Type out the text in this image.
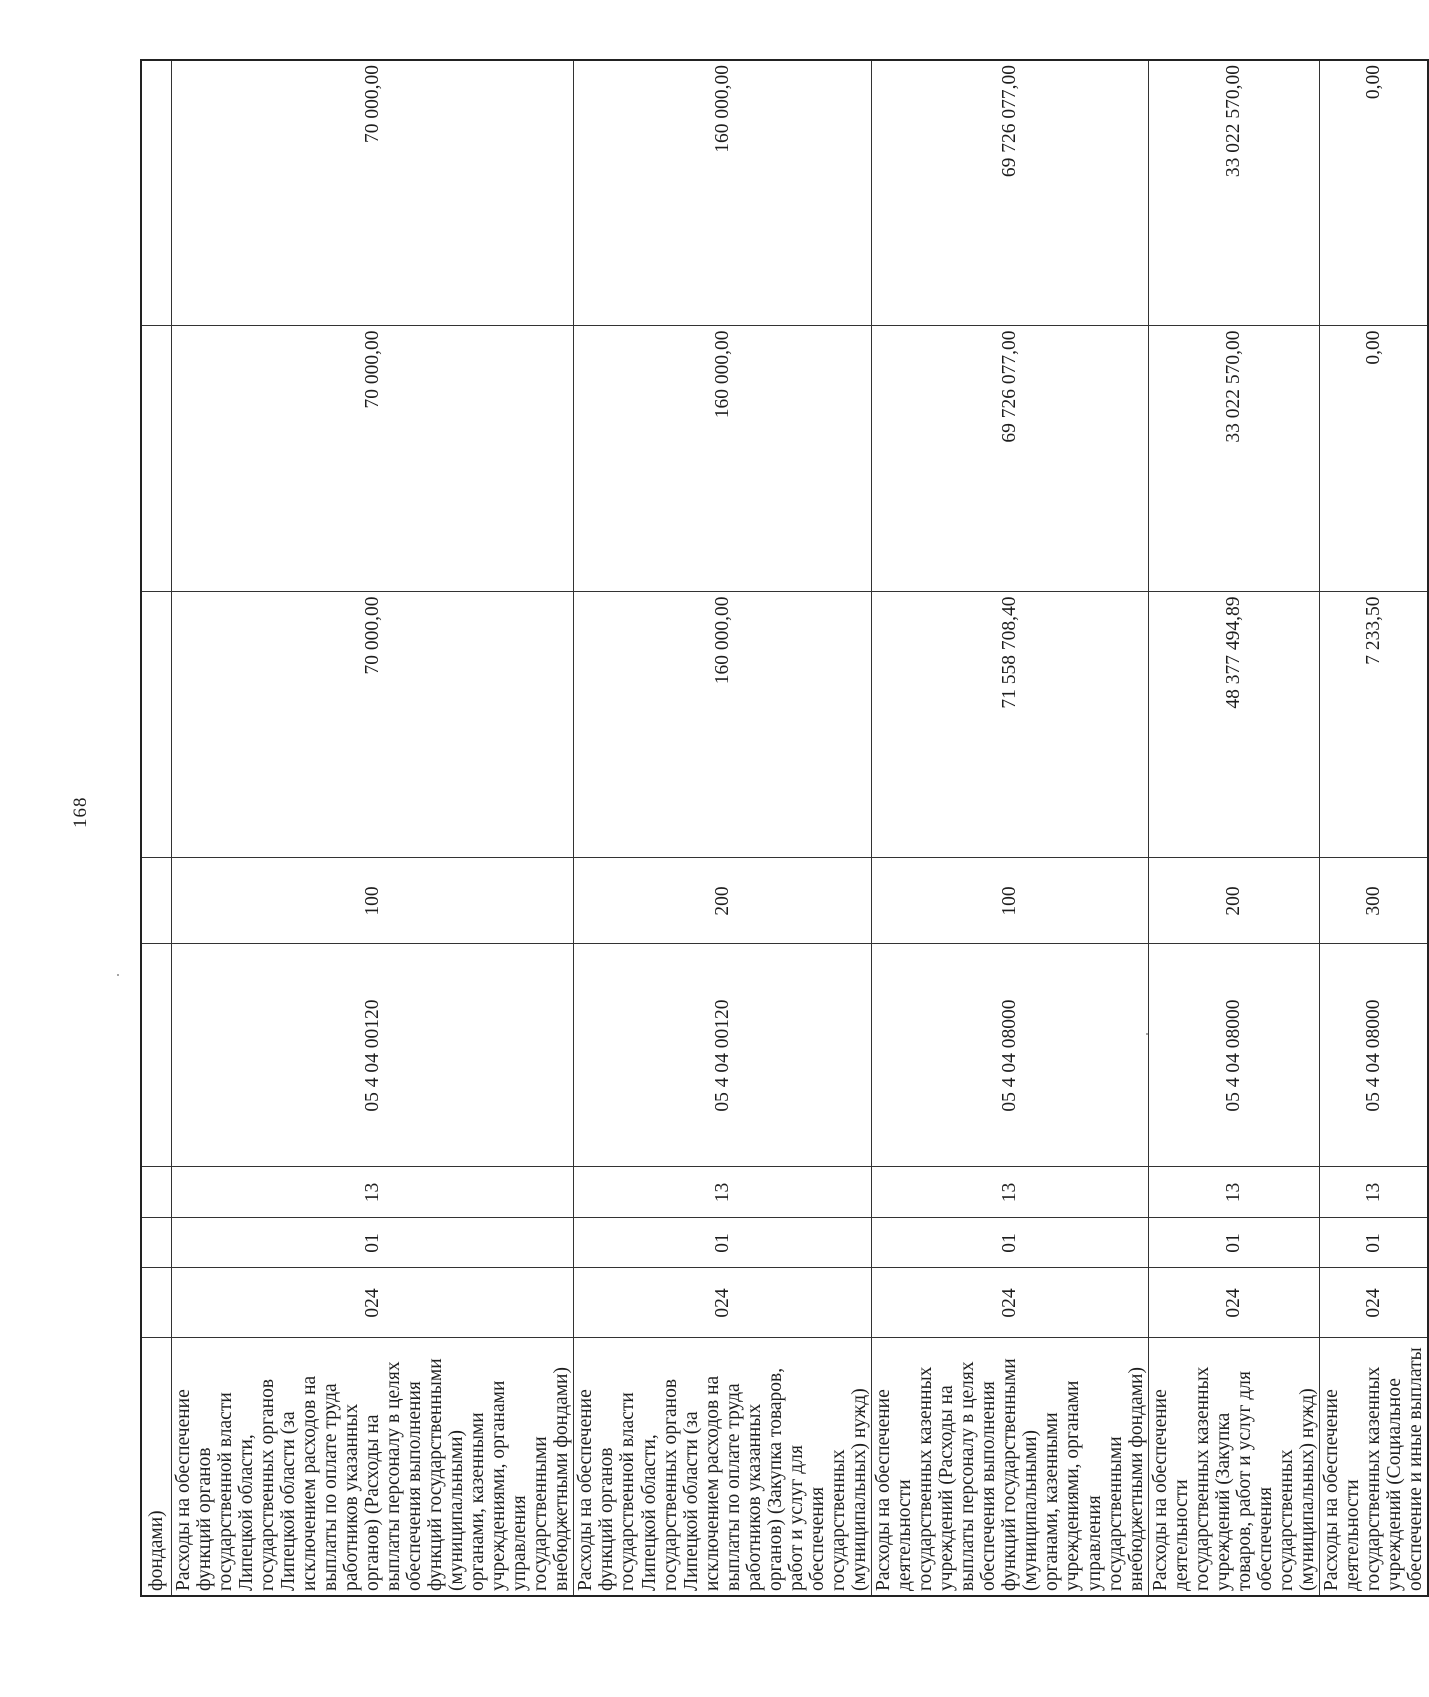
168
фондами)								
Расходы на обеспечение функций органов государственной власти Липецкой области, государственных органов Липецкой области (за исключением расходов на выплаты по оплате труда работников указанных органов) (Расходы на выплаты персоналу в целях обеспечения выполнения функций государственными (муниципальными) органами, казенными учреждениями, органами управления государственными внебюджетными фондами)	024	01	13	05 4 04 00120	100	70 000,00	70 000,00	70 000,00
Расходы на обеспечение функций органов государственной власти Липецкой области, государственных органов Липецкой области (за исключением расходов на выплаты по оплате труда работников указанных органов) (Закупка товаров, работ и услуг для обеспечения государственных (муниципальных) нужд)	024	01	13	05 4 04 00120	200	160 000,00	160 000,00	160 000,00
Расходы на обеспечение деятельности государственных казенных учреждений (Расходы на выплаты персоналу в целях обеспечения выполнения функций государственными (муниципальными) органами, казенными учреждениями, органами управления государственными внебюджетными фондами)	024	01	13	05 4 04 08000	100	71 558 708,40	69 726 077,00	69 726 077,00
Расходы на обеспечение деятельности государственных казенных учреждений (Закупка товаров, работ и услуг для обеспечения государственных (муниципальных) нужд)	024	01	13	05 4 04 08000	200	48 377 494,89	33 022 570,00	33 022 570,00
Расходы на обеспечение деятельности государственных казенных учреждений (Социальное обеспечение и иные выплаты	024	01	13	05 4 04 08000	300	7 233,50	0,00	0,00
